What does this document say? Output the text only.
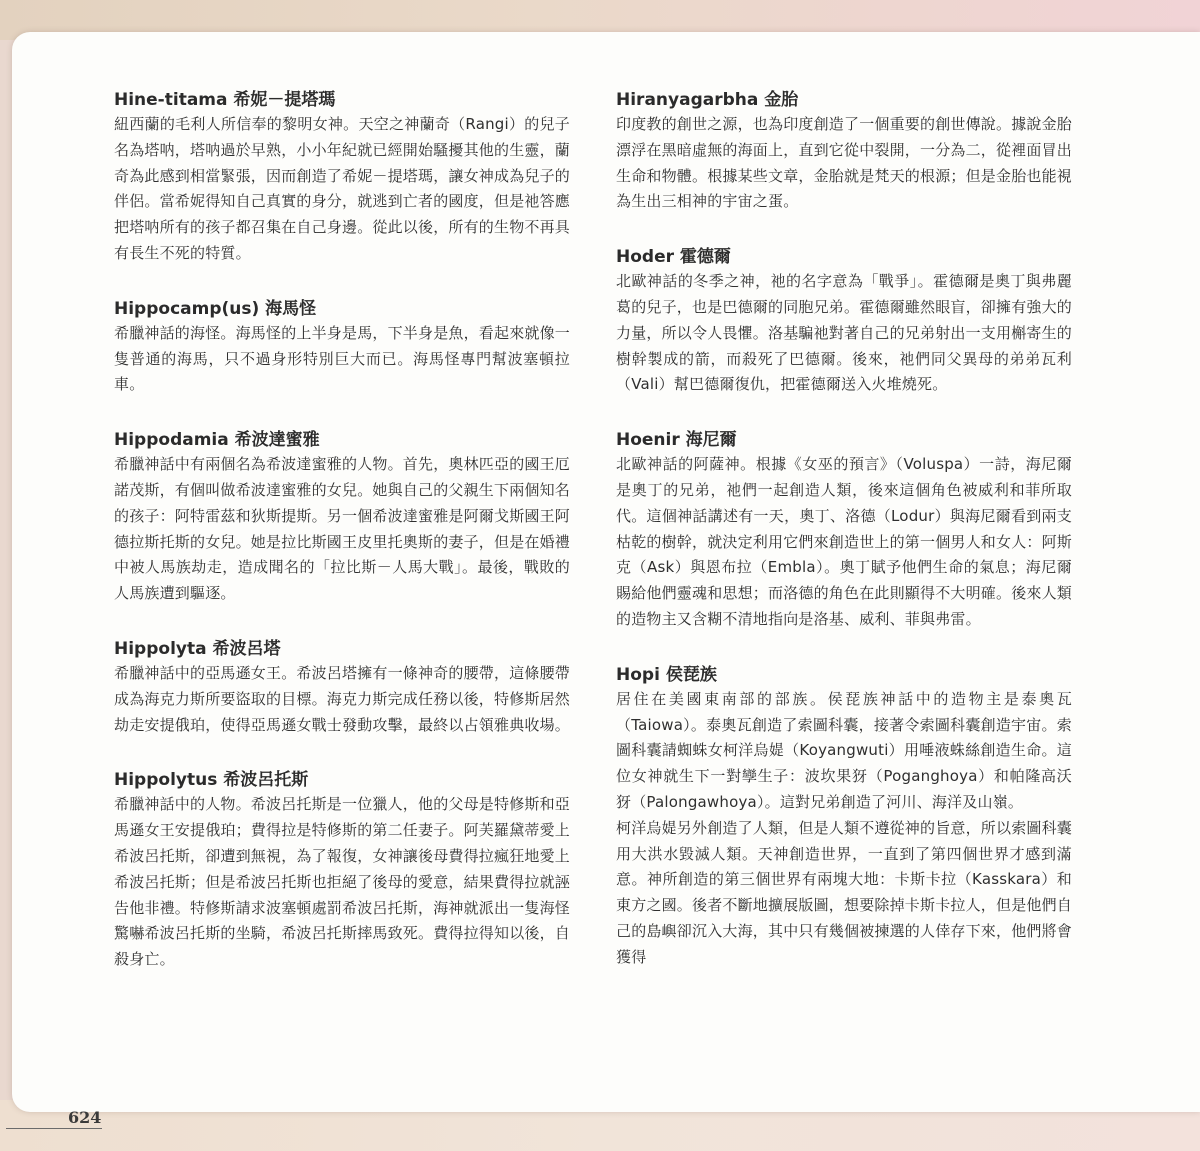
Hine-titama 希妮－提塔瑪

紐西蘭的毛利人所信奉的黎明女神。天空之神蘭奇（Rangi）的兒子名為塔呐，塔呐過於早熟，小小年紀就已經開始騷擾其他的生靈，蘭奇為此感到相當緊張，因而創造了希妮－提塔瑪，讓女神成為兒子的伴侶。當希妮得知自己真實的身分，就逃到亡者的國度，但是祂答應把塔呐所有的孩子都召集在自己身邊。從此以後，所有的生物不再具有長生不死的特質。

Hippocamp(us) 海馬怪

希臘神話的海怪。海馬怪的上半身是馬，下半身是魚，看起來就像一隻普通的海馬，只不過身形特別巨大而已。海馬怪專門幫波塞頓拉車。

Hippodamia 希波達蜜雅

希臘神話中有兩個名為希波達蜜雅的人物。首先，奧林匹亞的國王厄諾茂斯，有個叫做希波達蜜雅的女兒。她與自己的父親生下兩個知名的孩子：阿特雷茲和狄斯提斯。另一個希波達蜜雅是阿爾戈斯國王阿德拉斯托斯的女兒。她是拉比斯國王皮里托奧斯的妻子，但是在婚禮中被人馬族劫走，造成聞名的「拉比斯－人馬大戰」。最後，戰敗的人馬族遭到驅逐。

Hippolyta 希波呂塔

希臘神話中的亞馬遜女王。希波呂塔擁有一條神奇的腰帶，這條腰帶成為海克力斯所要盜取的目標。海克力斯完成任務以後，特修斯居然劫走安提俄珀，使得亞馬遜女戰士發動攻擊，最終以占領雅典收場。

Hippolytus 希波呂托斯

希臘神話中的人物。希波呂托斯是一位獵人，他的父母是特修斯和亞馬遜女王安提俄珀；費得拉是特修斯的第二任妻子。阿芙羅黛蒂愛上希波呂托斯，卻遭到無視，為了報復，女神讓後母費得拉瘋狂地愛上希波呂托斯；但是希波呂托斯也拒絕了後母的愛意，結果費得拉就誣告他非禮。特修斯請求波塞頓處罰希波呂托斯，海神就派出一隻海怪驚嚇希波呂托斯的坐騎，希波呂托斯摔馬致死。費得拉得知以後，自殺身亡。

Hiranyagarbha 金胎

印度教的創世之源，也為印度創造了一個重要的創世傳說。據說金胎漂浮在黑暗虛無的海面上，直到它從中裂開，一分為二，從裡面冒出生命和物體。根據某些文章，金胎就是梵天的根源；但是金胎也能視為生出三相神的宇宙之蛋。

Hoder 霍德爾

北歐神話的冬季之神，祂的名字意為「戰爭」。霍德爾是奧丁與弗麗葛的兒子，也是巴德爾的同胞兄弟。霍德爾雖然眼盲，卻擁有強大的力量，所以令人畏懼。洛基騙祂對著自己的兄弟射出一支用槲寄生的樹幹製成的箭，而殺死了巴德爾。後來，祂們同父異母的弟弟瓦利（Vali）幫巴德爾復仇，把霍德爾送入火堆燒死。

Hoenir 海尼爾

北歐神話的阿薩神。根據《女巫的預言》（Voluspa）一詩，海尼爾是奧丁的兄弟，祂們一起創造人類，後來這個角色被威利和菲所取代。這個神話講述有一天，奧丁、洛德（Lodur）與海尼爾看到兩支枯乾的樹幹，就決定利用它們來創造世上的第一個男人和女人：阿斯克（Ask）與恩布拉（Embla）。奧丁賦予他們生命的氣息；海尼爾賜給他們靈魂和思想；而洛德的角色在此則顯得不大明確。後來人類的造物主又含糊不清地指向是洛基、威利、菲與弗雷。

Hopi 侯琵族

居住在美國東南部的部族。侯琵族神話中的造物主是泰奧瓦（Taiowa）。泰奧瓦創造了索圖科囊，接著令索圖科囊創造宇宙。索圖科囊請蜘蛛女柯洋烏媞（Koyangwuti）用唾液蛛絲創造生命。這位女神就生下一對孿生子：波坎果犽（Poganghoya）和帕隆高沃犽（Palongawhoya）。這對兄弟創造了河川、海洋及山嶺。

柯洋烏媞另外創造了人類，但是人類不遵從神的旨意，所以索圖科囊用大洪水毀滅人類。天神創造世界，一直到了第四個世界才感到滿意。神所創造的第三個世界有兩塊大地：卡斯卡拉（Kasskara）和東方之國。後者不斷地擴展版圖，想要除掉卡斯卡拉人，但是他們自己的島嶼卻沉入大海，其中只有幾個被揀選的人倖存下來，他們將會獲得

624
